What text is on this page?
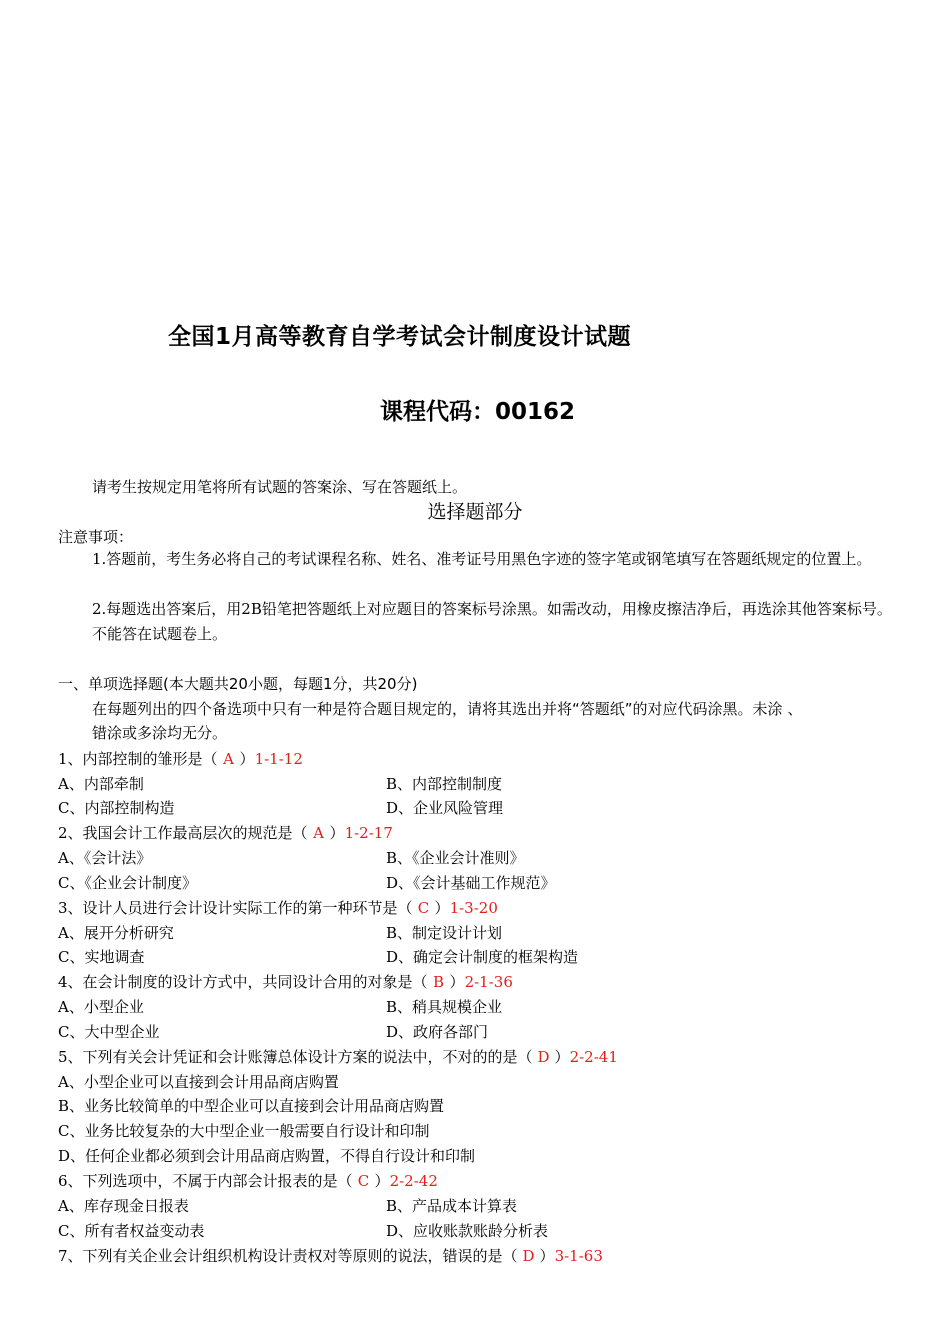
全国1月高等教育自学考试会计制度设计试题
课程代码：00162
请考生按规定用笔将所有试题的答案涂、写在答题纸上。
选择题部分
注意事项：
1.答题前，考生务必将自己的考试课程名称、姓名、准考证号用黑色字迹的签字笔或钢笔填写在答题纸规定的位置上。
2.每题选出答案后，用2B铅笔把答题纸上对应题目的答案标号涂黑。如需改动，用橡皮擦洁净后，再选涂其他答案标号。不能答在试题卷上。
一、单项选择题(本大题共20小题，每题1分，共20分)
在每题列出的四个备选项中只有一种是符合题目规定的，请将其选出并将“答题纸”的对应代码涂黑。未涂 、
错涂或多涂均无分。
1、内部控制的雏形是（ A ）1-1-12
A、内部牵制	B、内部控制制度
C、内部控制构造	D、企业风险管理
2、我国会计工作最高层次的规范是（ A ）1-2-17
A、《会计法》	B、《企业会计准则》
C、《企业会计制度》	D、《会计基础工作规范》
3、设计人员进行会计设计实际工作的第一种环节是（ C ）1-3-20
A、展开分析研究	B、制定设计计划
C、实地调查	D、确定会计制度的框架构造
4、在会计制度的设计方式中，共同设计合用的对象是（ B ）2-1-36
A、小型企业	B、稍具规模企业
C、大中型企业	D、政府各部门
5、下列有关会计凭证和会计账簿总体设计方案的说法中，不对的的是（ D ）2-2-41
A、小型企业可以直接到会计用品商店购置
B、业务比较简单的中型企业可以直接到会计用品商店购置
C、业务比较复杂的大中型企业一般需要自行设计和印制
D、任何企业都必须到会计用品商店购置，不得自行设计和印制
6、下列选项中，不属于内部会计报表的是（ C ）2-2-42
A、库存现金日报表	B、产品成本计算表
C、所有者权益变动表	D、应收账款账龄分析表
7、下列有关企业会计组织机构设计责权对等原则的说法，错误的是（ D ）3-1-63
